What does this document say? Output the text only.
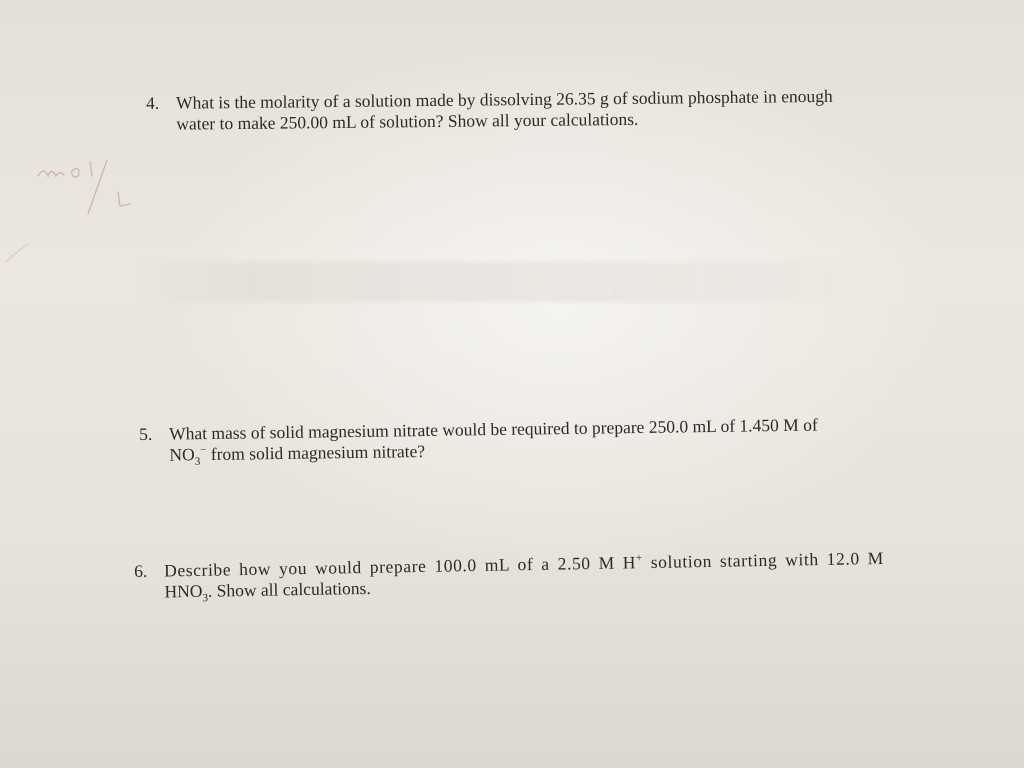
4. What is the molarity of a solution made by dissolving 26.35 g of sodium phosphate in enough
water to make 250.00 mL of solution? Show all your calculations.
5. What mass of solid magnesium nitrate would be required to prepare 250.0 mL of 1.450 M of
$NO_3^-$ from solid magnesium nitrate?
6. Describe how you would prepare 100.0 mL of a 2.50 M H+ solution starting with 12.0 M
$HNO_3$. Show all calculations.
